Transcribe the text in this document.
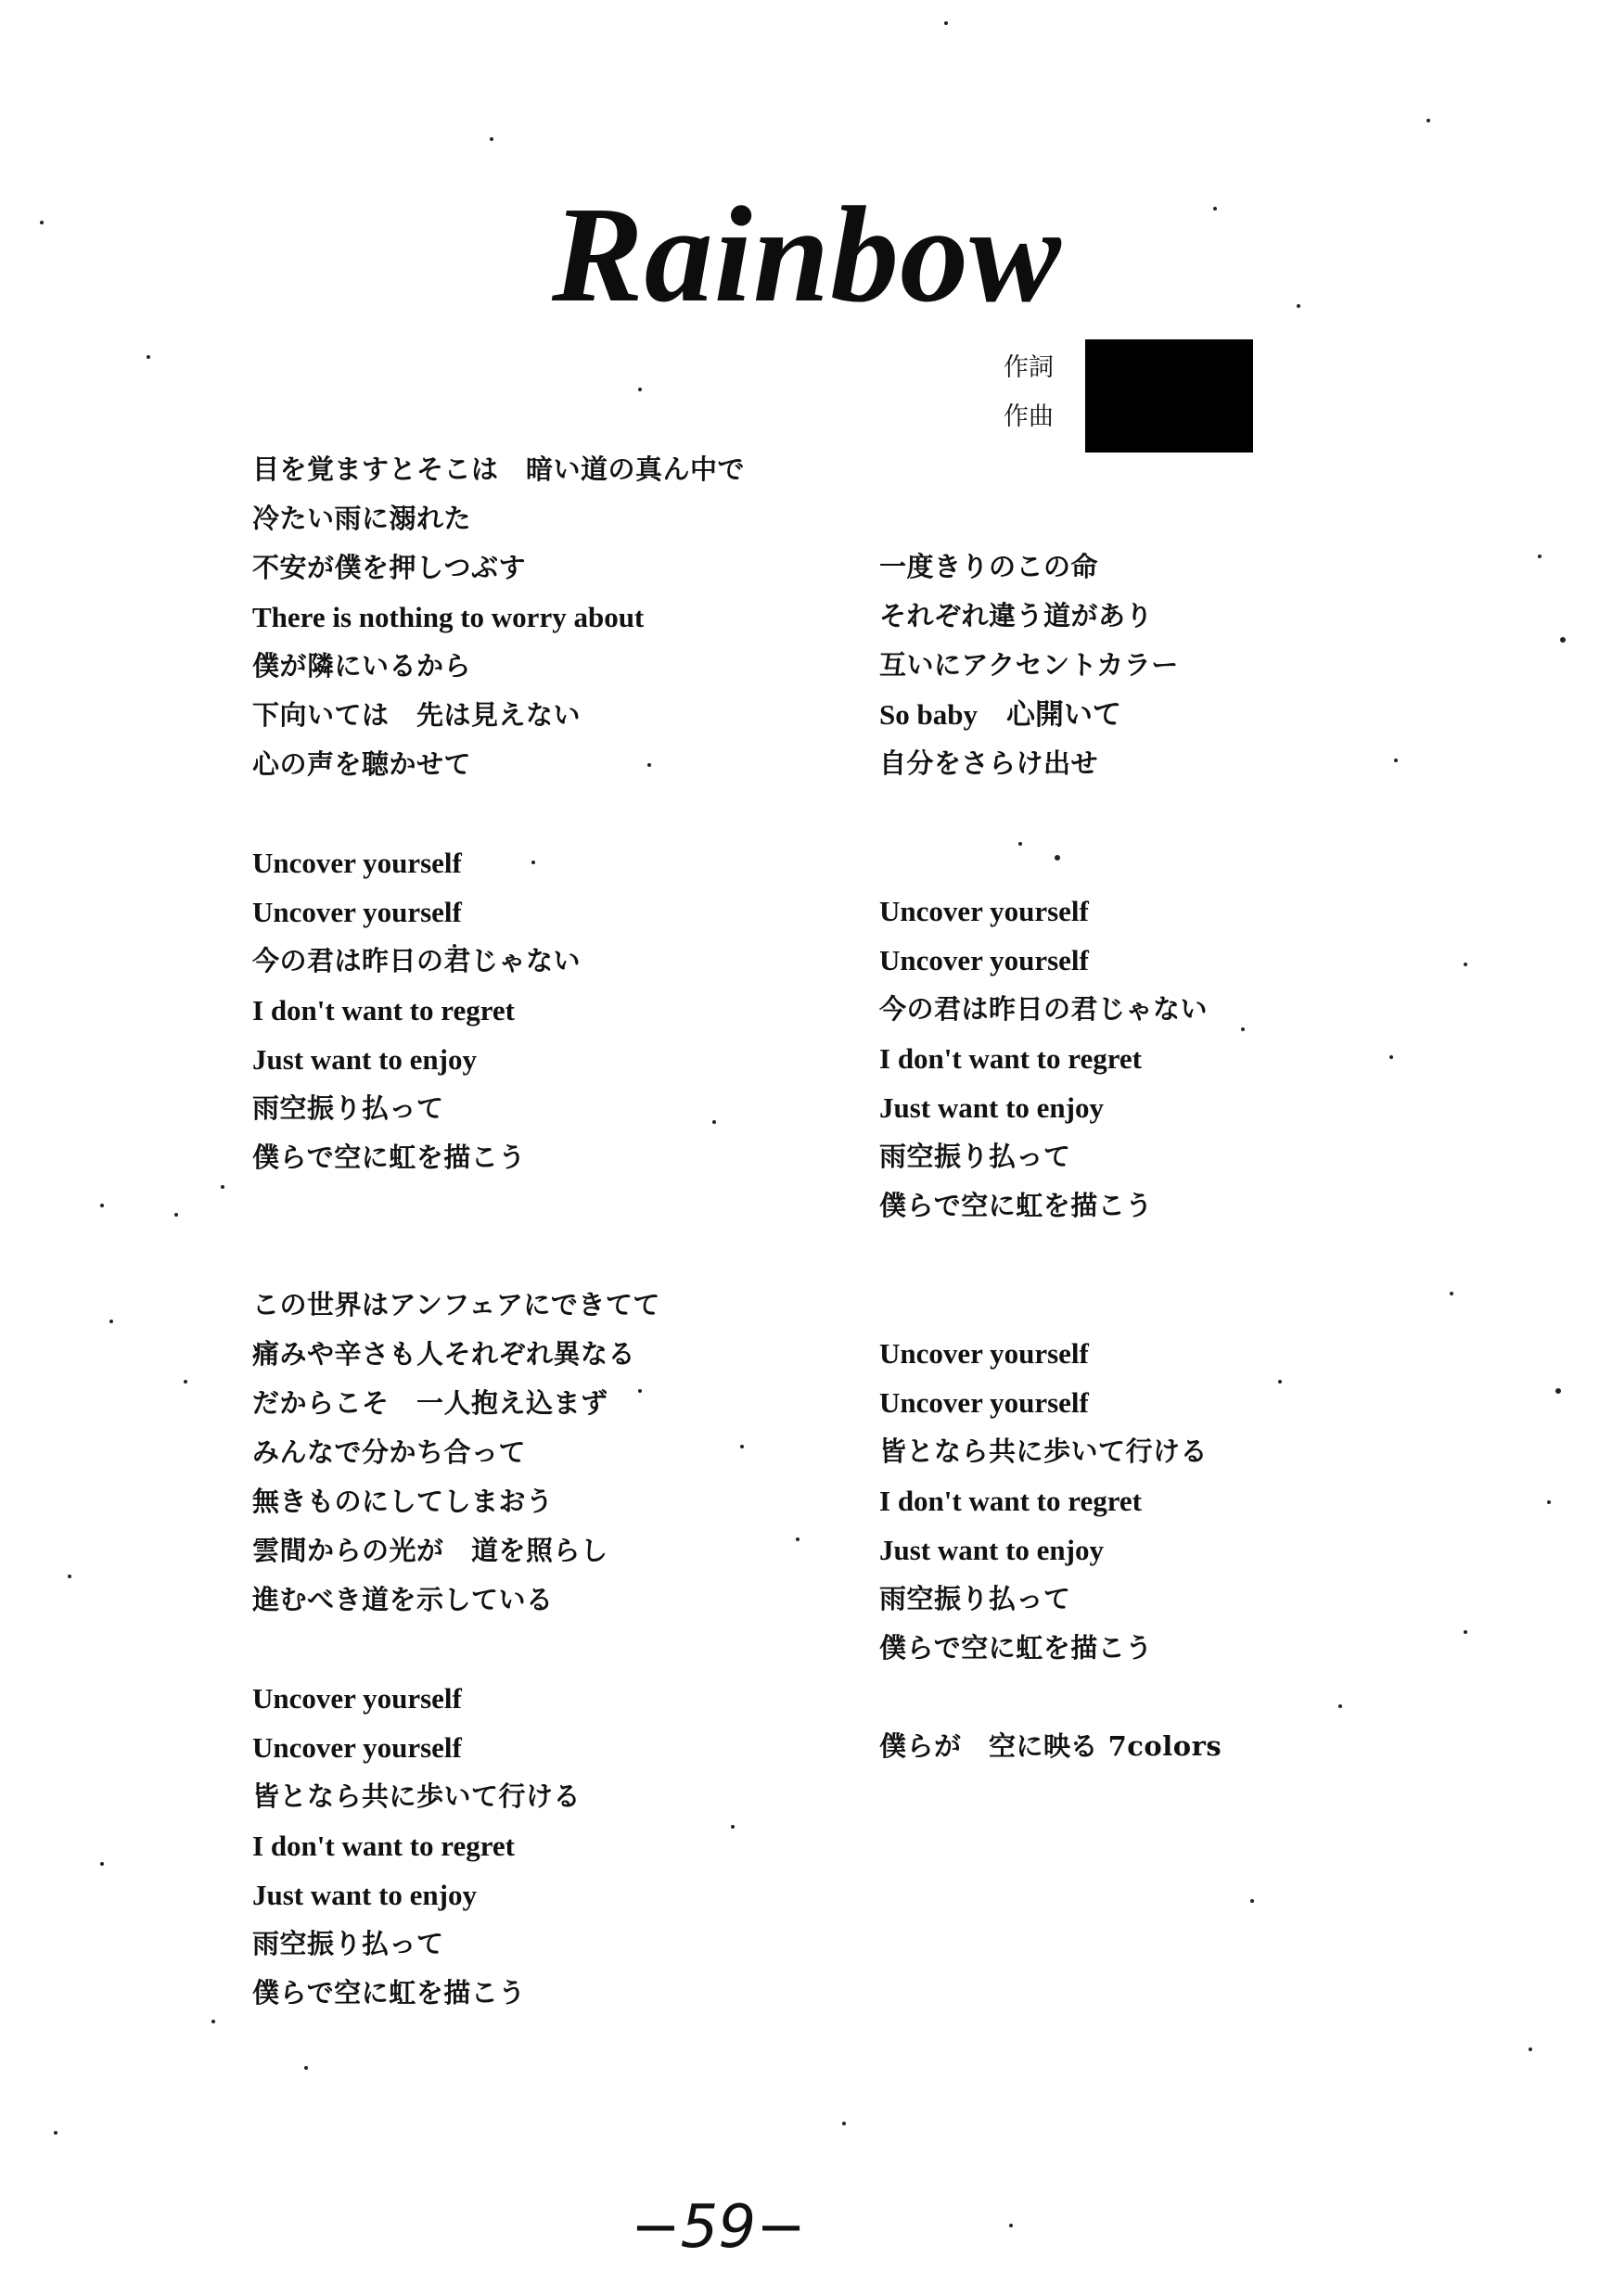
Rainbow
作詞
作曲
目を覚ますとそこは　暗い道の真ん中で
冷たい雨に溺れた
不安が僕を押しつぶす
There is nothing to worry about
僕が隣にいるから
下向いては　先は見えない
心の声を聴かせて
Uncover yourself
Uncover yourself
今の君は昨日の君じゃない
I don't want to regret
Just want to enjoy
雨空振り払って
僕らで空に虹を描こう
この世界はアンフェアにできてて
痛みや辛さも人それぞれ異なる
だからこそ　一人抱え込まず
みんなで分かち合って
無きものにしてしまおう
雲間からの光が　道を照らし
進むべき道を示している
Uncover yourself
Uncover yourself
皆となら共に歩いて行ける
I don't want to regret
Just want to enjoy
雨空振り払って
僕らで空に虹を描こう
一度きりのこの命
それぞれ違う道があり
互いにアクセントカラー
So baby　心開いて
自分をさらけ出せ
Uncover yourself
Uncover yourself
今の君は昨日の君じゃない
I don't want to regret
Just want to enjoy
雨空振り払って
僕らで空に虹を描こう
Uncover yourself
Uncover yourself
皆となら共に歩いて行ける
I don't want to regret
Just want to enjoy
雨空振り払って
僕らで空に虹を描こう
僕らが　空に映る 7colors
−59−
